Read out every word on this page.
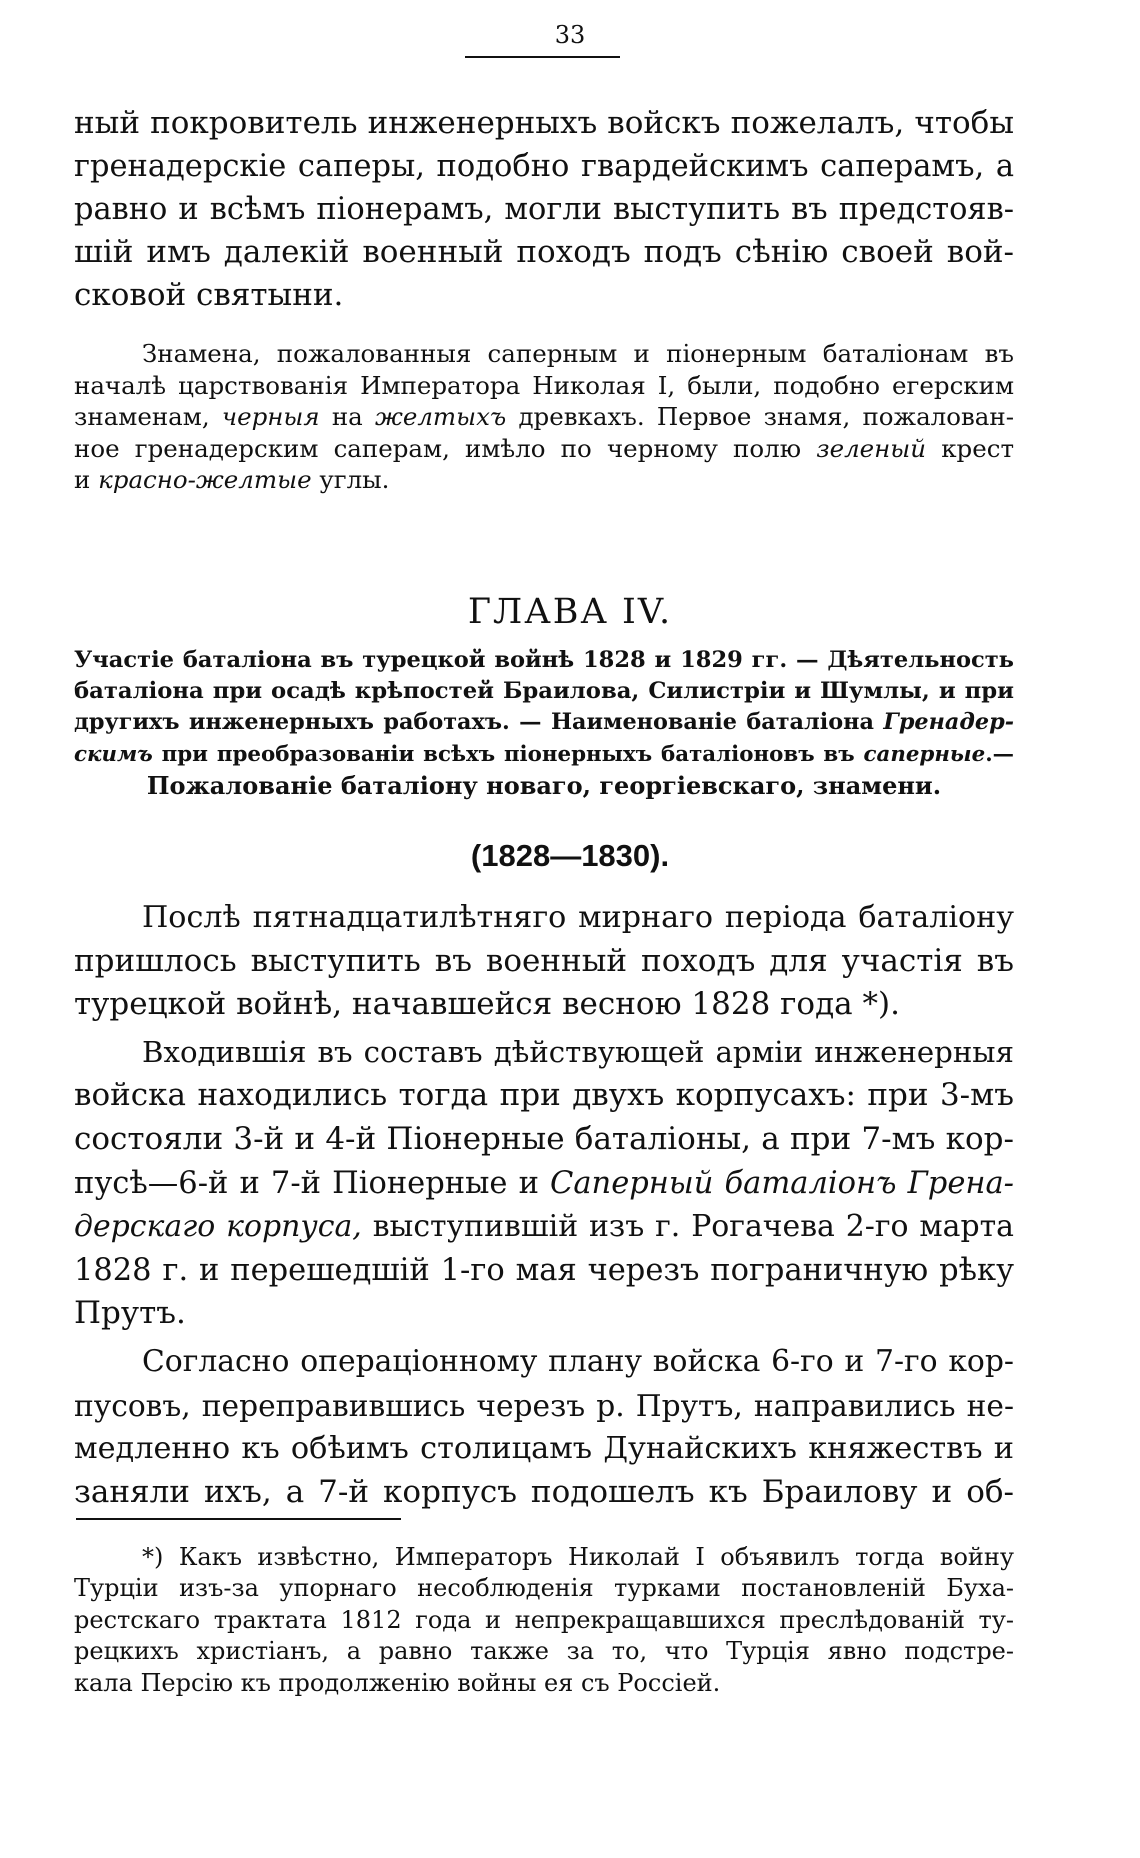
33
ный покровитель инженерныхъ войскъ пожелалъ, чтобы
гренадерскіе саперы, подобно гвардейскимъ саперамъ, а
равно и всѣмъ піонерамъ, могли выступить въ предстояв-
шій имъ далекій военный походъ подъ сѣнію своей вой-
сковой святыни.
Знамена, пожалованныя саперным и піонерным баталіонам въ
началѣ царствованія Императора Николая I, были, подобно егерским
знаменам, черныя на желтыхъ древкахъ. Первое знамя, пожалован-
ное гренадерским саперам, имѣло по черному полю зеленый крест
и красно-желтые углы.
ГЛАВА IV.
Участіе баталіона въ турецкой войнѣ 1828 и 1829 гг. — Дѣятельность
баталіона при осадѣ крѣпостей Браилова, Силистріи и Шумлы, и при
другихъ инженерныхъ работахъ. — Наименованіе баталіона Гренадер-
скимъ при преобразованіи всѣхъ піонерныхъ баталіоновъ въ саперные.—
Пожалованіе баталіону новаго, георгіевскаго, знамени.
(1828—1830).
Послѣ пятнадцатилѣтняго мирнаго періода баталіону
пришлось выступить въ военный походъ для участія въ
турецкой войнѣ, начавшейся весною 1828 года *).
Входившія въ составъ дѣйствующей арміи инженерныя
войска находились тогда при двухъ корпусахъ: при 3-мъ
состояли 3-й и 4-й Піонерные баталіоны, а при 7-мъ кор-
пусѣ—6-й и 7-й Піонерные и Саперный баталіонъ Грена-
дерскаго корпуса, выступившій изъ г. Рогачева 2-го марта
1828 г. и перешедшій 1-го мая черезъ пограничную рѣку
Прутъ.
Согласно операціонному плану войска 6-го и 7-го кор-
пусовъ, переправившись черезъ р. Прутъ, направились не-
медленно къ обѣимъ столицамъ Дунайскихъ княжествъ и
заняли ихъ, а 7-й корпусъ подошелъ къ Браилову и об-
*) Какъ извѣстно, Императоръ Николай I объявилъ тогда войну
Турціи изъ-за упорнаго несоблюденія турками постановленій Буха-
рестскаго трактата 1812 года и непрекращавшихся преслѣдованій ту-
рецкихъ христіанъ, а равно также за то, что Турція явно подстре-
кала Персію къ продолженію войны ея съ Россіей.
